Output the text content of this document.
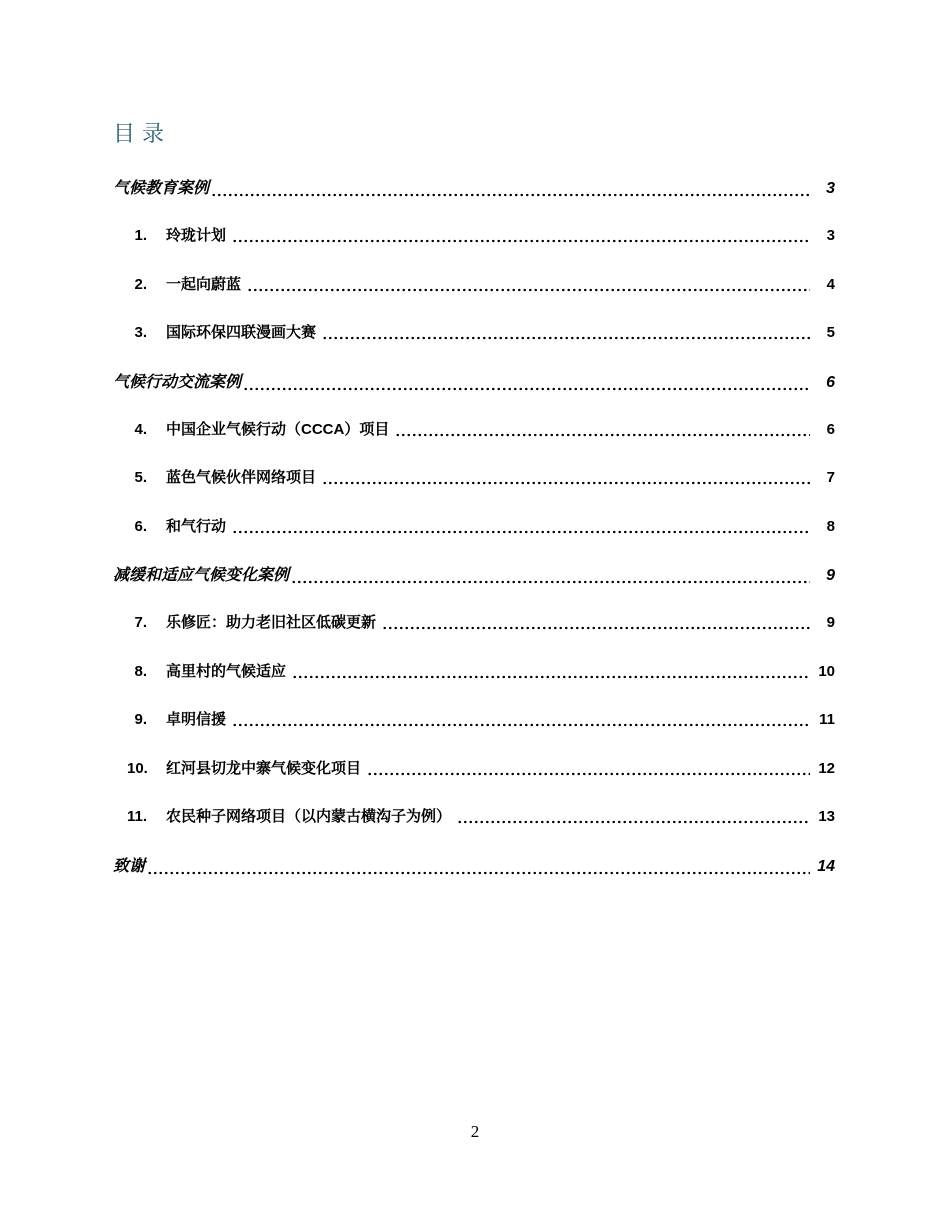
目录
气候教育案例	3
1. 玲珑计划	3
2. 一起向蔚蓝	4
3. 国际环保四联漫画大赛	5
气候行动交流案例	6
4. 中国企业气候行动（CCCA）项目	6
5. 蓝色气候伙伴网络项目	7
6. 和气行动	8
减缓和适应气候变化案例	9
7. 乐修匠：助力老旧社区低碳更新	9
8. 高里村的气候适应	10
9. 卓明信援	11
10. 红河县切龙中寨气候变化项目	12
11. 农民种子网络项目（以内蒙古横沟子为例）	13
致谢	14
2
